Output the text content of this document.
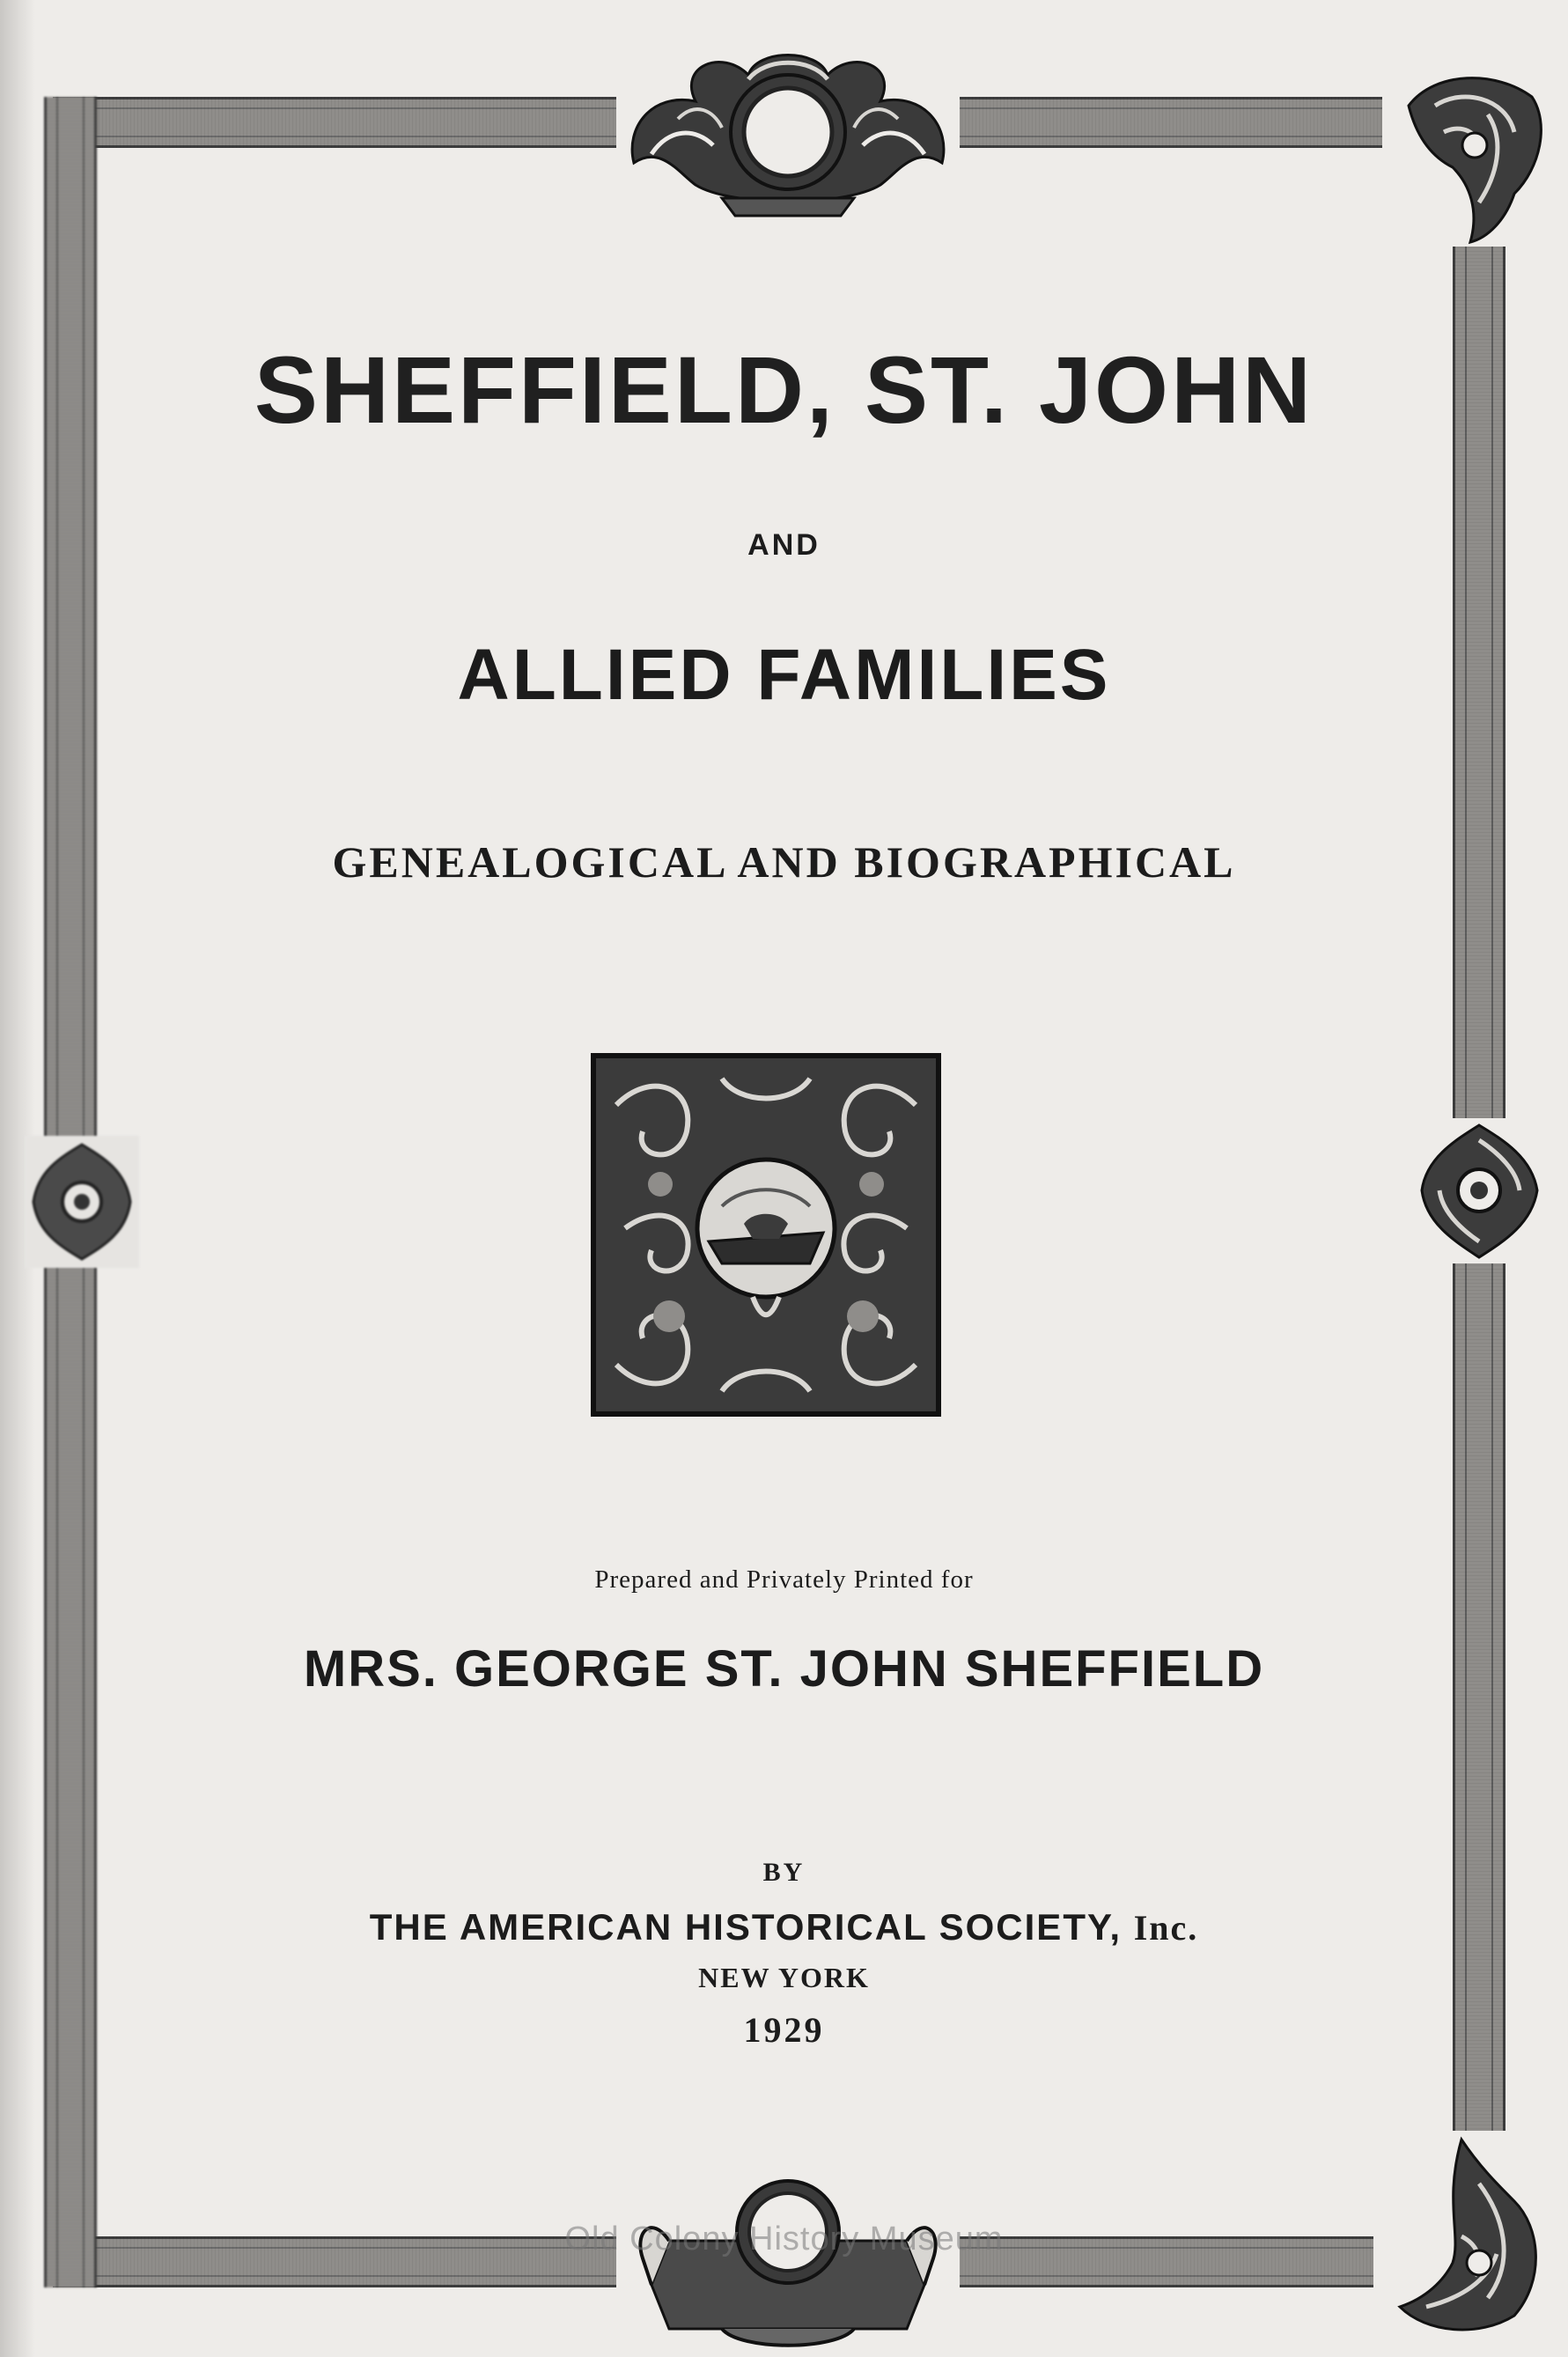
SHEFFIELD, ST. JOHN
AND
ALLIED FAMILIES
GENEALOGICAL AND BIOGRAPHICAL
Prepared and Privately Printed for
MRS. GEORGE ST. JOHN SHEFFIELD
BY
THE AMERICAN HISTORICAL SOCIETY, Inc.
NEW YORK
1929
Old Colony History Museum
